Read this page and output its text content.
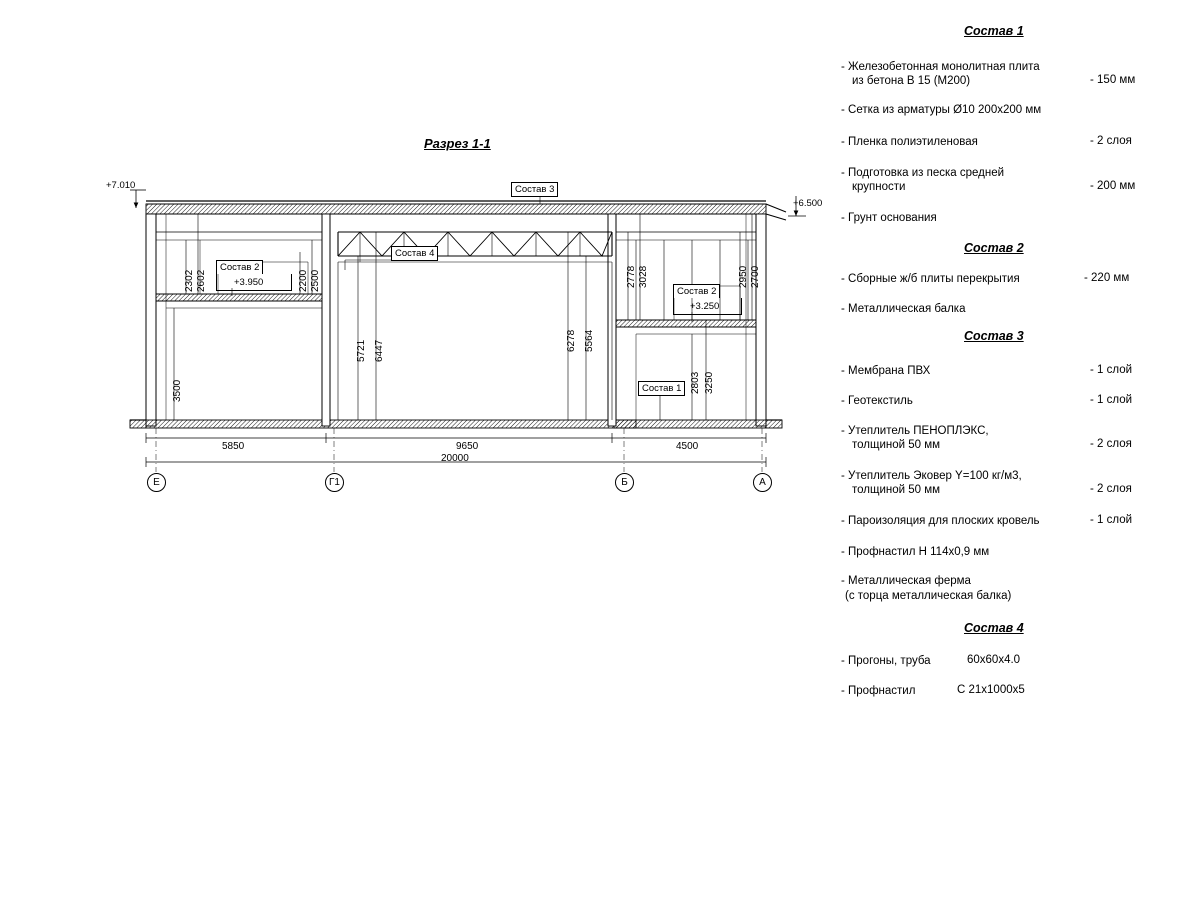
Разрез 1-1
+7.010
+6.500
Состав 3
Состав 4
Состав 2
+3.950
Состав 2
+3.250
Состав 1
2302 2602
3500
2500
2200
5721 6447	6278 5564
2778 3028	2950 2700
2803 3250
5850	9650	4500
20000
Е	Г1	Б	А
Состав 1
- Железобетонная монолитная плита
из бетона В 15 (М200)	- 150 мм
- Сетка из арматуры Ø10 200х200 мм
- Пленка полиэтиленовая	- 2 слоя
- Подготовка из песка средней
крупности	- 200 мм
- Грунт основания
Состав 2
- Сборные ж/б плиты перекрытия	- 220 мм
- Металлическая балка
Состав 3
- Мембрана ПВХ	- 1 слой
- Геотекстиль	- 1 слой
- Утеплитель ПЕНОПЛЭКС,
толщиной 50 мм	- 2 слоя
- Утеплитель Эковер Y=100 кг/м3,
толщиной 50 мм	- 2 слоя
- Пароизоляция для плоских кровель	- 1 слой
- Профнастил Н 114х0,9 мм
- Металлическая ферма
(с торца металлическая балка)
Состав 4
- Прогоны, труба	60х60х4.0
- Профнастил	С 21х1000х5
